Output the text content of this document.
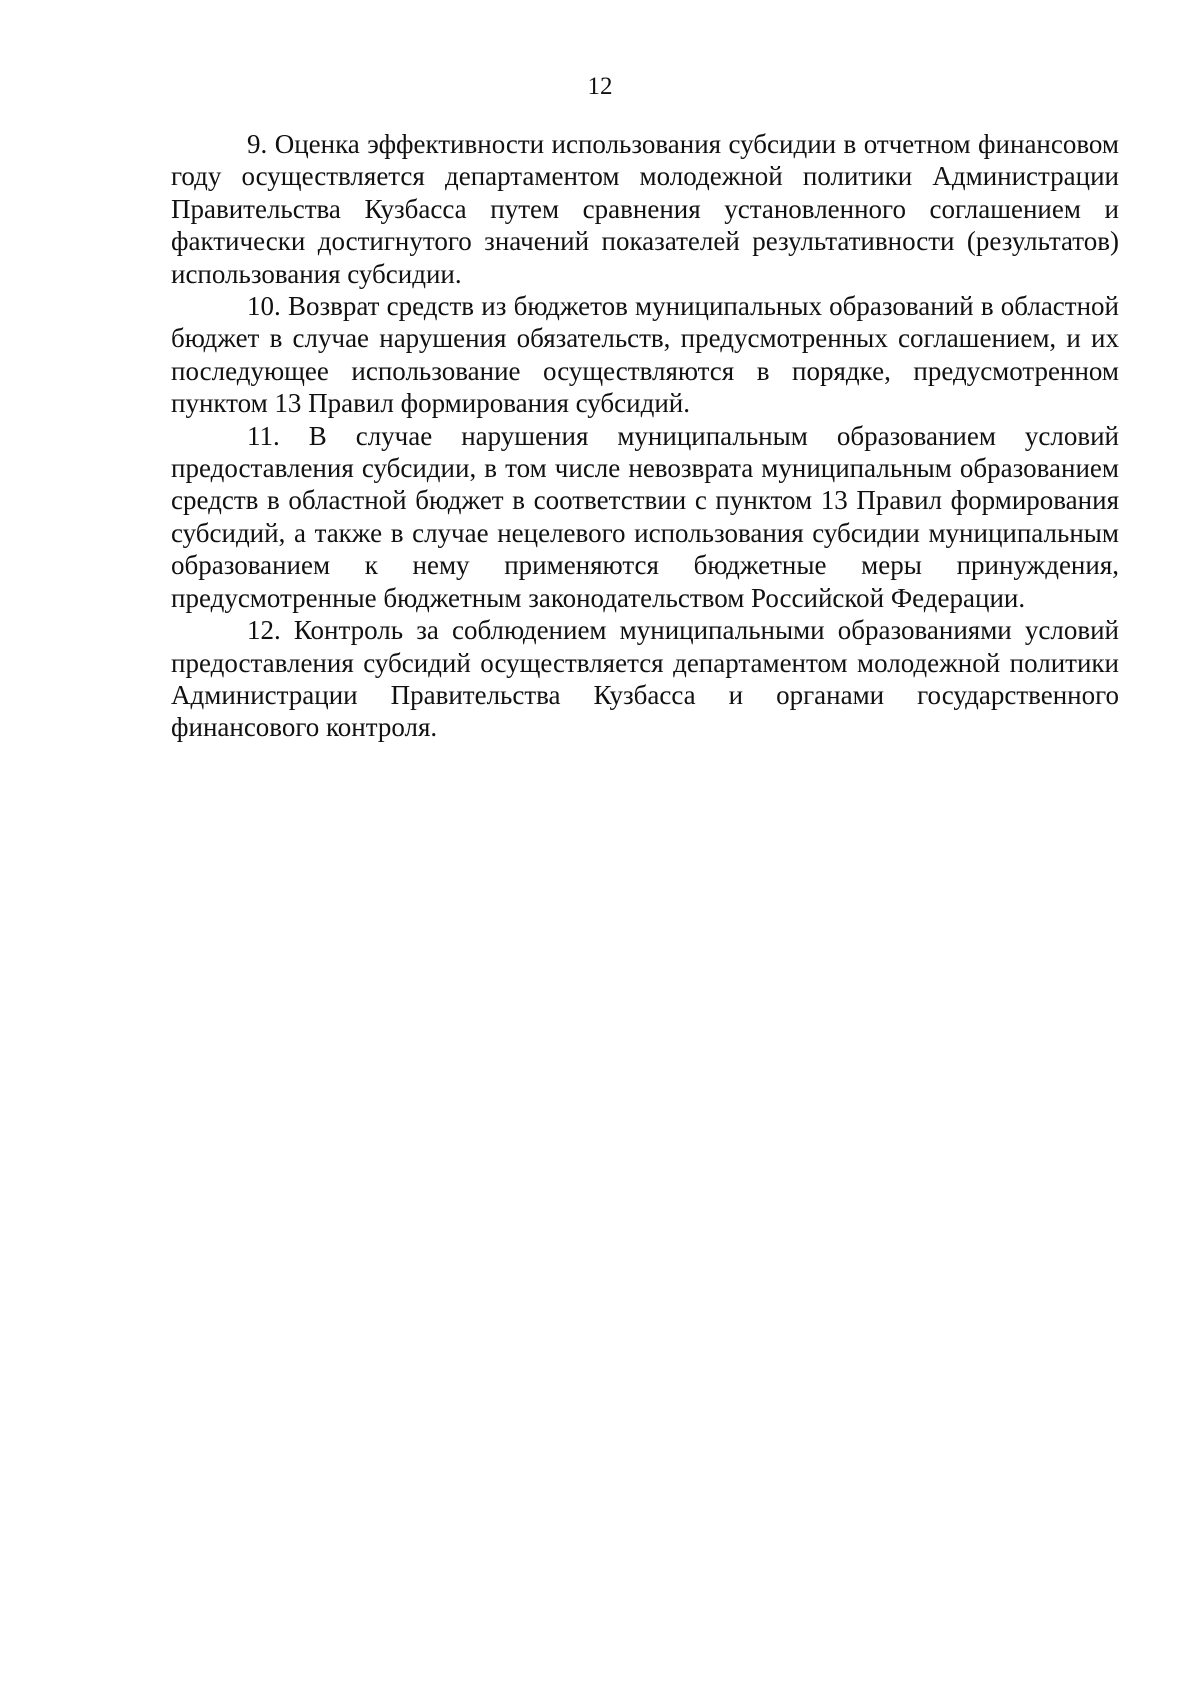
12

9. Оценка эффективности использования субсидии в отчетном финансовом году осуществляется департаментом молодежной политики Администрации Правительства Кузбасса путем сравнения установленного соглашением и фактически достигнутого значений показателей результативности (результатов) использования субсидии.

10. Возврат средств из бюджетов муниципальных образований в областной бюджет в случае нарушения обязательств, предусмотренных соглашением, и их последующее использование осуществляются в порядке, предусмотренном пунктом 13 Правил формирования субсидий.

11. В случае нарушения муниципальным образованием условий предоставления субсидии, в том числе невозврата муниципальным образованием средств в областной бюджет в соответствии с пунктом 13 Правил формирования субсидий, а также в случае нецелевого использования субсидии муниципальным образованием к нему применяются бюджетные меры принуждения, предусмотренные бюджетным законодательством Российской Федерации.

12. Контроль за соблюдением муниципальными образованиями условий предоставления субсидий осуществляется департаментом молодежной политики Администрации Правительства Кузбасса и органами государственного финансового контроля.
